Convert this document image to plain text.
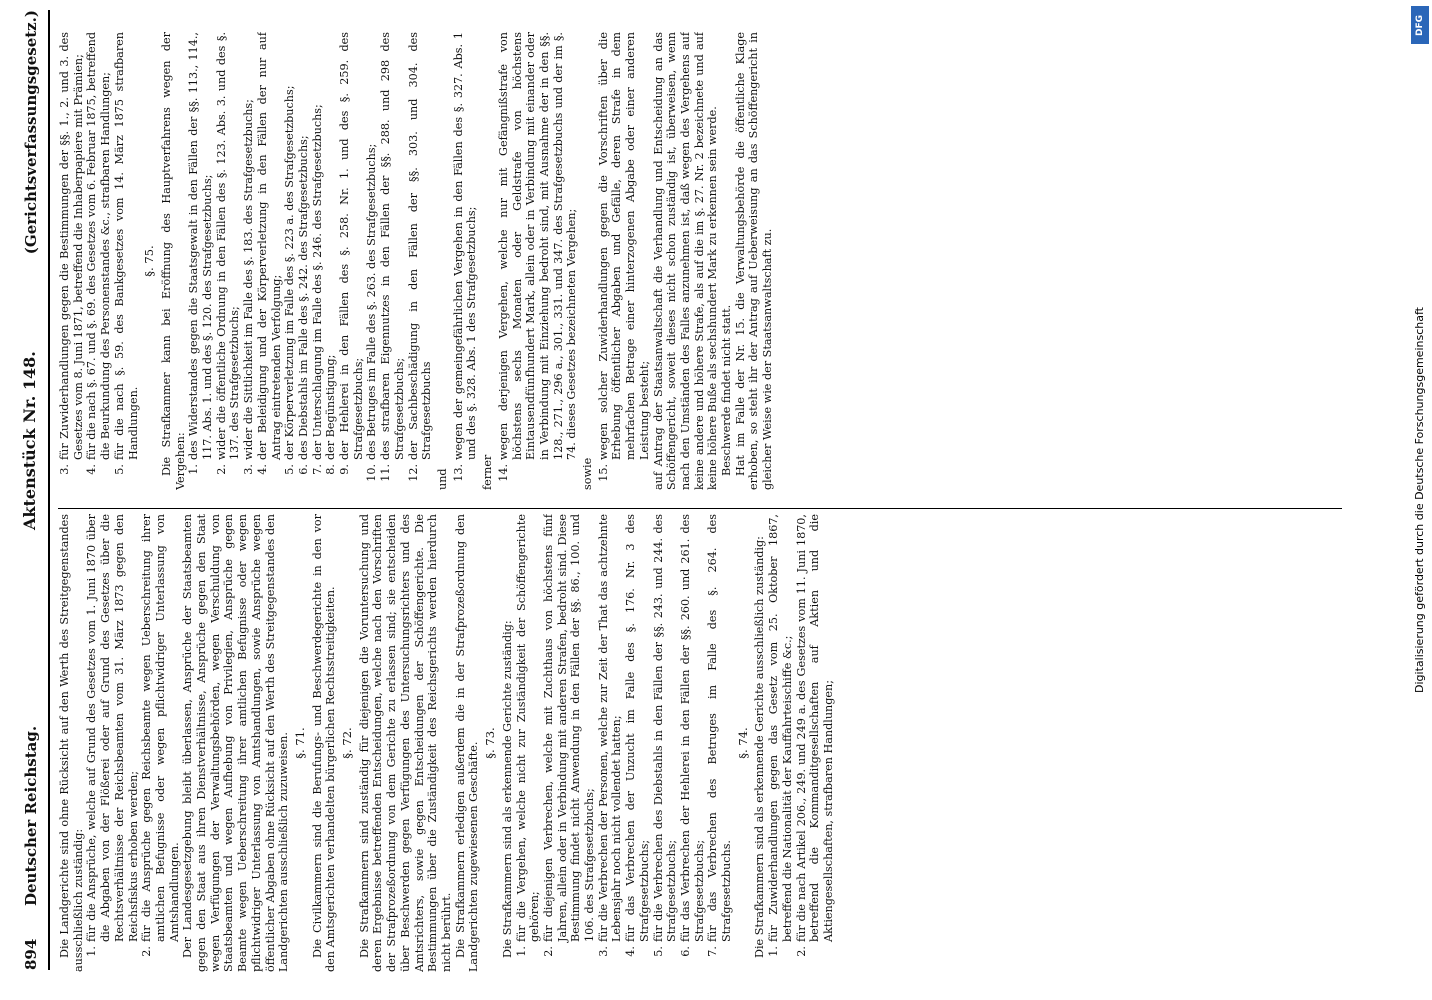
894
Deutscher Reichstag.
Aktenstück Nr. 148.
(Gerichtsverfassungsgesetz.)

Die Landgerichte sind ohne Rücksicht auf den Werth des Streitgegenstandes ausschließlich zuständig: 1.
für die Ansprüche, welche auf Grund des Gesetzes vom 1. Juni 1870 über die Abgaben von der Flößerei oder auf Grund des Gesetzes über die Rechtsverhältnisse der Reichsbeamten vom 31. März 1873 gegen den Reichsfiskus erhoben werden;
2.
für die Ansprüche gegen Reichsbeamte wegen Ueberschreitung ihrer amtlichen Befugnisse oder wegen pflichtwidriger Unterlassung von Amtshandlungen. Der Landesgesetzgebung bleibt überlassen, Ansprüche der Staatsbeamten gegen den Staat aus ihren Dienstverhältnisse, Ansprüche gegen den Staat wegen Verfügungen der Verwaltungsbehörden, wegen Verschuldung von Staatsbeamten und wegen Aufhebung von Privilegien, Ansprüche gegen Beamte wegen Ueberschreitung ihrer amtlichen Befugnisse oder wegen pflichtwidriger Unterlassung von Amtshandlungen, sowie Ansprüche wegen öffentlicher Abgaben ohne Rücksicht auf den Werth des Streitgegenstandes den Landgerichten ausschließlich zuzuweisen. §. 71. Die Civilkammern sind die Berufungs- und Beschwerdegerichte in den vor den Amtsgerichten verhandelten bürgerlichen Rechtsstreitigkeiten. §. 72. Die Strafkammern sind zuständig für diejenigen die Voruntersuchung und deren Ergebnisse betreffenden Entscheidungen, welche nach den Vorschriften der Strafprozeßordnung von dem Gerichte zu erlassen sind; sie entscheiden über Beschwerden gegen Verfügungen des Untersuchungsrichters und des Amtsrichters, sowie gegen Entscheidungen der Schöffengerichte. Die Bestimmungen über die Zuständigkeit des Reichsgerichts werden hierdurch nicht berührt. Die Strafkammern erledigen außerdem die in der Strafprozeßordnung den Landgerichten zugewiesenen Geschäfte. §. 73. Die Strafkammern sind als erkennende Gerichte zuständig: 1.
für die Vergehen, welche nicht zur Zuständigkeit der Schöffengerichte gehören;
2.
für diejenigen Verbrechen, welche mit Zuchthaus von höchstens fünf Jahren, allein oder in Verbindung mit anderen Strafen, bedroht sind. Diese Bestimmung findet nicht Anwendung in den Fällen der §§. 86., 100. und 106. des Strafgesetzbuchs;
3.
für die Verbrechen der Personen, welche zur Zeit der That das achtzehnte Lebensjahr noch nicht vollendet hatten;
4.
für das Verbrechen der Unzucht im Falle des §. 176. Nr. 3 des Strafgesetzbuchs;
5.
für die Verbrechen des Diebstahls in den Fällen der §§. 243. und 244. des Strafgesetzbuchs;
6.
für das Verbrechen der Hehlerei in den Fällen der §§. 260. und 261. des Strafgesetzbuchs;
7.
für das Verbrechen des Betruges im Falle des §. 264. des Strafgesetzbuchs.

§. 74. Die Strafkammern sind als erkennende Gerichte ausschließlich zuständig: 1.
für Zuwiderhandlungen gegen das Gesetz vom 25. Oktober 1867, betreffend die Nationalität der Kauffahrteischiffe &c.;
2.
für die nach Artikel 206., 249. und 249 a. des Gesetzes vom 11. Juni 1870, betreffend die Kommanditgesellschaften auf Aktien und die Aktiengesellschaften, strafbaren Handlungen;
3.
für Zuwiderhandlungen gegen die Bestimmungen der §§. 1., 2. und 3. des Gesetzes vom 8. Juni 1871, betreffend die Inhaberpapiere mit Prämien;
4.
für die nach §. 67. und §. 69. des Gesetzes vom 6. Februar 1875, betreffend die Beurkundung des Personenstandes &c., strafbaren Handlungen;
5.
für die nach §. 59. des Bankgesetzes vom 14. März 1875 strafbaren Handlungen.

§. 75. Die Strafkammer kann bei Eröffnung des Hauptverfahrens wegen der Vergehen: 1.
des Widerstandes gegen die Staatsgewalt in den Fällen der §§. 113., 114., 117. Abs. 1. und des §. 120. des Strafgesetzbuchs;
2.
wider die öffentliche Ordnung in den Fällen des §. 123. Abs. 3. und des §. 137. des Strafgesetzbuchs;
3.
wider die Sittlichkeit im Falle des §. 183. des Strafgesetzbuchs;
4.
der Beleidigung und der Körperverletzung in den Fällen der nur auf Antrag eintretenden Verfolgung;
5.
der Körperverletzung im Falle des §. 223 a. des Strafgesetzbuchs;
6.
des Diebstahls im Falle des §. 242. des Strafgesetzbuchs;
7.
der Unterschlagung im Falle des §. 246. des Strafgesetzbuchs;
8.
der Begünstigung;
9.
der Hehlerei in den Fällen des §. 258. Nr. 1. und des §. 259. des Strafgesetzbuchs;
10.
des Betruges im Falle des §. 263. des Strafgesetzbuchs;
11.
des strafbaren Eigennutzes in den Fällen der §§. 288. und 298 des Strafgesetzbuchs;
12.
der Sachbeschädigung in den Fällen der §§. 303. und 304. des Strafgesetzbuchs

und 13.
wegen der gemeingefährlichen Vergehen in den Fällen des §. 327. Abs. 1 und des §. 328. Abs. 1 des Strafgesetzbuchs;

ferner 14.
wegen derjenigen Vergehen, welche nur mit Gefängnißstrafe von höchstens sechs Monaten oder Geldstrafe von höchstens Eintausendfünfhundert Mark, allein oder in Verbindung mit einander oder in Verbindung mit Einziehung bedroht sind, mit Ausnahme der in den §§. 128., 271., 296 a., 301., 331. und 347. des Strafgesetzbuchs und der im §. 74. dieses Gesetzes bezeichneten Vergehen;

sowie 15.
wegen solcher Zuwiderhandlungen gegen die Vorschriften über die Erhebung öffentlicher Abgaben und Gefälle, deren Strafe in dem mehrfachen Betrage einer hinterzogenen Abgabe oder einer anderen Leistung besteht; auf Antrag der Staatsanwaltschaft die Verhandlung und Entscheidung an das Schöffengericht, soweit dieses nicht schon zuständig ist, überweisen, wenn nach den Umständen des Falles anzunehmen ist, daß wegen des Vergehens auf keine andere und höhere Strafe, als auf die im §. 27. Nr. 2 bezeichnete und auf keine höhere Buße als sechshundert Mark zu erkennen sein werde. Beschwerde findet nicht statt. Hat im Falle der Nr. 15. die Verwaltungsbehörde die öffentliche Klage erhoben, so steht ihr der Antrag auf Ueberweisung an das Schöffengericht in gleicher Weise wie der Staatsanwaltschaft zu.	Digitalisierung gefördert durch die Deutsche Forschungsgemeinschaft
DFG
